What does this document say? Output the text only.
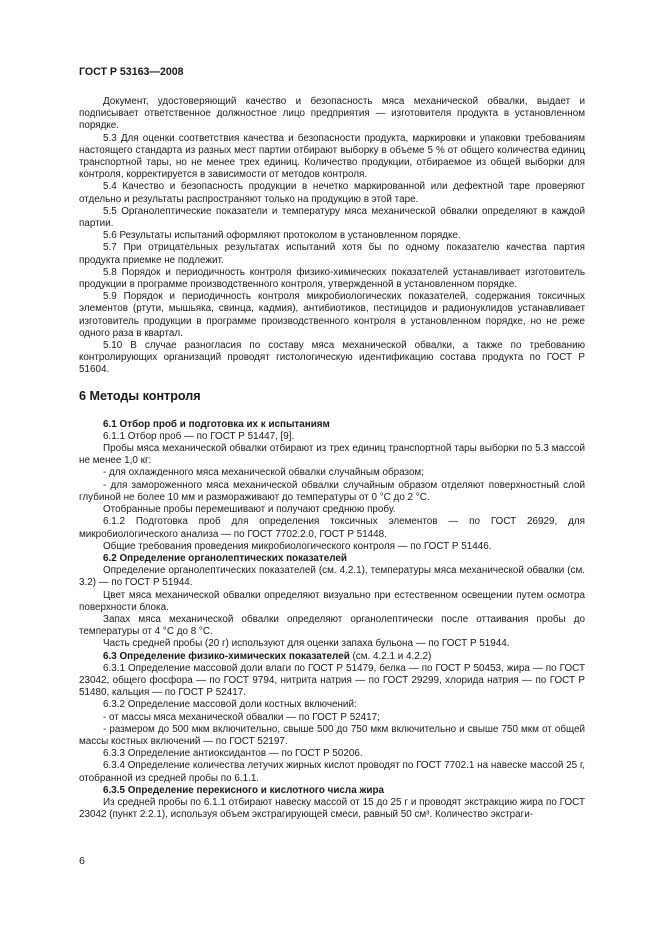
ГОСТ Р 53163—2008

Документ, удостоверяющий качество и безопасность мяса механической обвалки, выдает и подписывает ответственное должностное лицо предприятия — изготовителя продукта в установленном порядке.

5.3 Для оценки соответствия качества и безопасности продукта, маркировки и упаковки требованиям настоящего стандарта из разных мест партии отбирают выборку в объеме 5 % от общего количества единиц транспортной тары, но не менее трех единиц. Количество продукции, отбираемое из общей выборки для контроля, корректируется в зависимости от методов контроля.

5.4 Качество и безопасность продукции в нечетко маркированной или дефектной таре проверяют отдельно и результаты распространяют только на продукцию в этой таре.

5.5 Органолептические показатели и температуру мяса механической обвалки определяют в каждой партии.

5.6 Результаты испытаний оформляют протоколом в установленном порядке.

5.7 При отрицательных результатах испытаний хотя бы по одному показателю качества партия продукта приемке не подлежит.

5.8 Порядок и периодичность контроля физико-химических показателей устанавливает изготовитель продукции в программе производственного контроля, утвержденной в установленном порядке.

5.9 Порядок и периодичность контроля микробиологических показателей, содержания токсичных элементов (ртути, мышьяка, свинца, кадмия), антибиотиков, пестицидов и радионуклидов устанавливает изготовитель продукции в программе производственного контроля в установленном порядке, но не реже одного раза в квартал.

5.10 В случае разногласия по составу мяса механической обвалки, а также по требованию контролирующих организаций проводят гистологическую идентификацию состава продукта по ГОСТ Р 51604.

6 Методы контроля
6.1 Отбор проб и подготовка их к испытаниям

6.1.1 Отбор проб — по ГОСТ Р 51447, [9].

Пробы мяса механической обвалки отбирают из трех единиц транспортной тары выборки по 5.3 массой не менее 1,0 кг:

- для охлажденного мяса механической обвалки случайным образом;

- для замороженного мяса механической обвалки случайным образом отделяют поверхностный слой глубиной не более 10 мм и размораживают до температуры от 0 °С до 2 °С.

Отобранные пробы перемешивают и получают среднюю пробу.

6.1.2 Подготовка проб для определения токсичных элементов — по ГОСТ 26929, для микробиологического анализа — по ГОСТ 7702.2.0, ГОСТ Р 51448.

Общие требования проведения микробиологического контроля — по ГОСТ Р 51446.

6.2 Определение органолептических показателей

Определение органолептических показателей (см. 4.2.1), температуры мяса механической обвалки (см. 3.2) — по ГОСТ Р 51944.

Цвет мяса механической обвалки определяют визуально при естественном освещении путем осмотра поверхности блока.

Запах мяса механической обвалки определяют органолептически после оттаивания пробы до температуры от 4 °С до 8 °С.

Часть средней пробы (20 г) используют для оценки запаха бульона — по ГОСТ Р 51944.

6.3 Определение физико-химических показателей (см. 4.2.1 и 4.2.2)

6.3.1 Определение массовой доли влаги по ГОСТ Р 51479, белка — по ГОСТ Р 50453, жира — по ГОСТ 23042, общего фосфора — по ГОСТ 9794, нитрита натрия — по ГОСТ 29299, хлорида натрия — по ГОСТ Р 51480, кальция — по ГОСТ Р 52417.

6.3.2 Определение массовой доли костных включений:

- от массы мяса механической обвалки — по ГОСТ Р 52417;

- размером до 500 мкм включительно, свыше 500 до 750 мкм включительно и свыше 750 мкм от общей массы костных включений — по ГОСТ 52197.

6.3.3 Определение антиоксидантов — по ГОСТ Р 50206.

6.3.4 Определение количества летучих жирных кислот проводят по ГОСТ 7702.1 на навеске массой 25 г, отобранной из средней пробы по 6.1.1.

6.3.5 Определение перекисного и кислотного числа жира

Из средней пробы по 6.1.1 отбирают навеску массой от 15 до 25 г и проводят экстракцию жира по ГОСТ 23042 (пункт 2.2.1), используя объем экстрагирующей смеси, равный 50 см³. Количество экстраги-

6
